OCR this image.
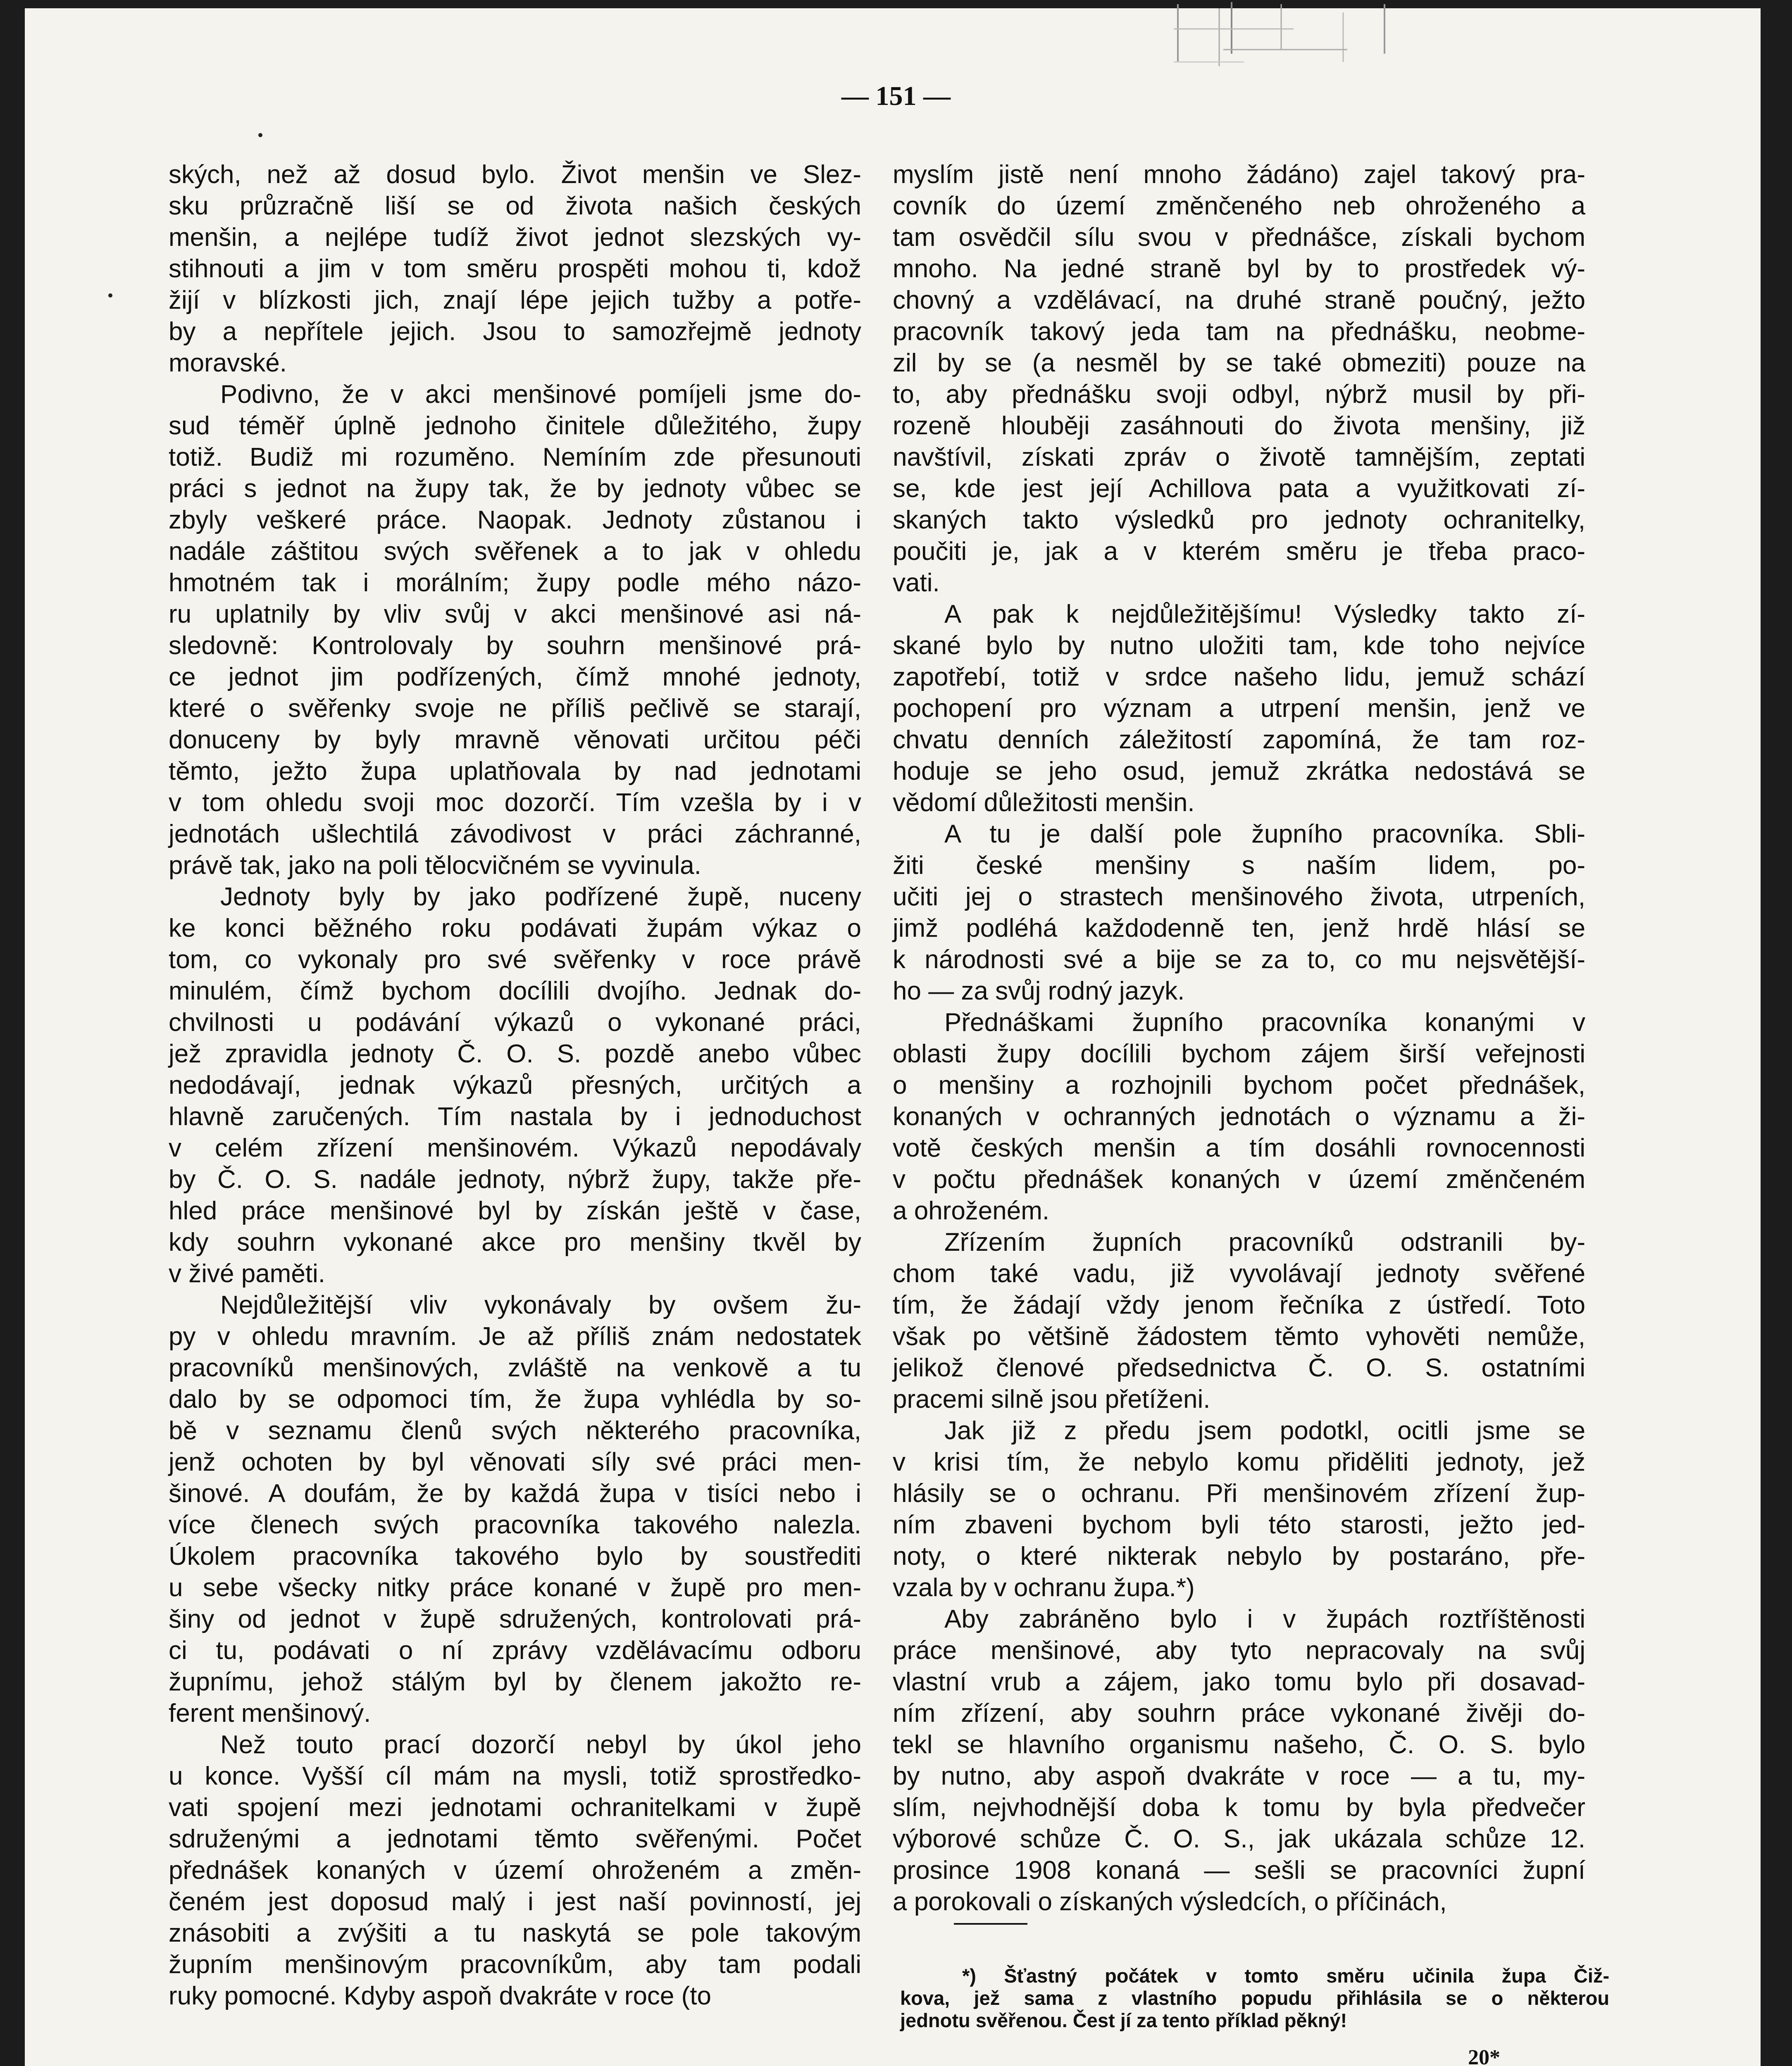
— 151 —

ských, než až dosud bylo. Život menšin ve Slez-

sku průzračně liší se od života našich českých

menšin, a nejlépe tudíž život jednot slezských vy-

stihnouti a jim v tom směru prospěti mohou ti, kdož

žijí v blízkosti jich, znají lépe jejich tužby a potře-

by a nepřítele jejich. Jsou to samozřejmě jednoty

moravské.

Podivno, že v akci menšinové pomíjeli jsme do-

sud téměř úplně jednoho činitele důležitého, župy

totiž. Budiž mi rozuměno. Nemíním zde přesunouti

práci s jednot na župy tak, že by jednoty vůbec se

zbyly veškeré práce. Naopak. Jednoty zůstanou i

nadále záštitou svých svěřenek a to jak v ohledu

hmotném tak i morálním; župy podle mého názo-

ru uplatnily by vliv svůj v akci menšinové asi ná-

sledovně: Kontrolovaly by souhrn menšinové prá-

ce jednot jim podřízených, čímž mnohé jednoty,

které o svěřenky svoje ne příliš pečlivě se starají,

donuceny by byly mravně věnovati určitou péči

těmto, ježto župa uplatňovala by nad jednotami

v tom ohledu svoji moc dozorčí. Tím vzešla by i v

jednotách ušlechtilá závodivost v práci záchranné,

právě tak, jako na poli tělocvičném se vyvinula.

Jednoty byly by jako podřízené župě, nuceny

ke konci běžného roku podávati župám výkaz o

tom, co vykonaly pro své svěřenky v roce právě

minulém, čímž bychom docílili dvojího. Jednak do-

chvilnosti u podávání výkazů o vykonané práci,

jež zpravidla jednoty Č. O. S. pozdě anebo vůbec

nedodávají, jednak výkazů přesných, určitých a

hlavně zaručených. Tím nastala by i jednoduchost

v celém zřízení menšinovém. Výkazů nepodávaly

by Č. O. S. nadále jednoty, nýbrž župy, takže pře-

hled práce menšinové byl by získán ještě v čase,

kdy souhrn vykonané akce pro menšiny tkvěl by

v živé paměti.

Nejdůležitější vliv vykonávaly by ovšem žu-

py v ohledu mravním. Je až příliš znám nedostatek

pracovníků menšinových, zvláště na venkově a tu

dalo by se odpomoci tím, že župa vyhlédla by so-

bě v seznamu členů svých některého pracovníka,

jenž ochoten by byl věnovati síly své práci men-

šinové. A doufám, že by každá župa v tisíci nebo i

více členech svých pracovníka takového nalezla.

Úkolem pracovníka takového bylo by soustřediti

u sebe všecky nitky práce konané v župě pro men-

šiny od jednot v župě sdružených, kontrolovati prá-

ci tu, podávati o ní zprávy vzdělávacímu odboru

župnímu, jehož stálým byl by členem jakožto re-

ferent menšinový.

Než touto prací dozorčí nebyl by úkol jeho

u konce. Vyšší cíl mám na mysli, totiž sprostředko-

vati spojení mezi jednotami ochranitelkami v župě

sdruženými a jednotami těmto svěřenými. Počet

přednášek konaných v území ohroženém a změn-

čeném jest doposud malý i jest naší povinností, jej

znásobiti a zvýšiti a tu naskytá se pole takovým

župním menšinovým pracovníkům, aby tam podali

ruky pomocné. Kdyby aspoň dvakráte v roce (to

myslím jistě není mnoho žádáno) zajel takový pra-

covník do území změnčeného neb ohroženého a

tam osvědčil sílu svou v přednášce, získali bychom

mnoho. Na jedné straně byl by to prostředek vý-

chovný a vzdělávací, na druhé straně poučný, ježto

pracovník takový jeda tam na přednášku, neobme-

zil by se (a nesměl by se také obmeziti) pouze na

to, aby přednášku svoji odbyl, nýbrž musil by při-

rozeně hlouběji zasáhnouti do života menšiny, již

navštívil, získati zpráv o životě tamnějším, zeptati

se, kde jest její Achillova pata a využitkovati zí-

skaných takto výsledků pro jednoty ochranitelky,

poučiti je, jak a v kterém směru je třeba praco-

vati.

A pak k nejdůležitějšímu! Výsledky takto zí-

skané bylo by nutno uložiti tam, kde toho nejvíce

zapotřebí, totiž v srdce našeho lidu, jemuž schází

pochopení pro význam a utrpení menšin, jenž ve

chvatu denních záležitostí zapomíná, že tam roz-

hoduje se jeho osud, jemuž zkrátka nedostává se

vědomí důležitosti menšin.

A tu je další pole župního pracovníka. Sbli-

žiti české menšiny s naším lidem, po-

učiti jej o strastech menšinového života, utrpeních,

jimž podléhá každodenně ten, jenž hrdě hlásí se

k národnosti své a bije se za to, co mu nejsvětější-

ho — za svůj rodný jazyk.

Přednáškami župního pracovníka konanými v

oblasti župy docílili bychom zájem širší veřejnosti

o menšiny a rozhojnili bychom počet přednášek,

konaných v ochranných jednotách o významu a ži-

votě českých menšin a tím dosáhli rovnocennosti

v počtu přednášek konaných v území změnčeném

a ohroženém.

Zřízením župních pracovníků odstranili by-

chom také vadu, již vyvolávají jednoty svěřené

tím, že žádají vždy jenom řečníka z ústředí. Toto

však po většině žádostem těmto vyhověti nemůže,

jelikož členové předsednictva Č. O. S. ostatními

pracemi silně jsou přetíženi.

Jak již z předu jsem podotkl, ocitli jsme se

v krisi tím, že nebylo komu přiděliti jednoty, jež

hlásily se o ochranu. Při menšinovém zřízení žup-

ním zbaveni bychom byli této starosti, ježto jed-

noty, o které nikterak nebylo by postaráno, pře-

vzala by v ochranu župa.*)

Aby zabráněno bylo i v župách roztříštěnosti

práce menšinové, aby tyto nepracovaly na svůj

vlastní vrub a zájem, jako tomu bylo při dosavad-

ním zřízení, aby souhrn práce vykonané živěji do-

tekl se hlavního organismu našeho, Č. O. S. bylo

by nutno, aby aspoň dvakráte v roce — a tu, my-

slím, nejvhodnější doba k tomu by byla předvečer

výborové schůze Č. O. S., jak ukázala schůze 12.

prosince 1908 konaná — sešli se pracovníci župní

a porokovali o získaných výsledcích, o příčinách,

*) Šťastný počátek v tomto směru učinila župa Čiž-

kova, jež sama z vlastního popudu přihlásila se o některou

jednotu svěřenou. Čest jí za tento příklad pěkný!

20*
